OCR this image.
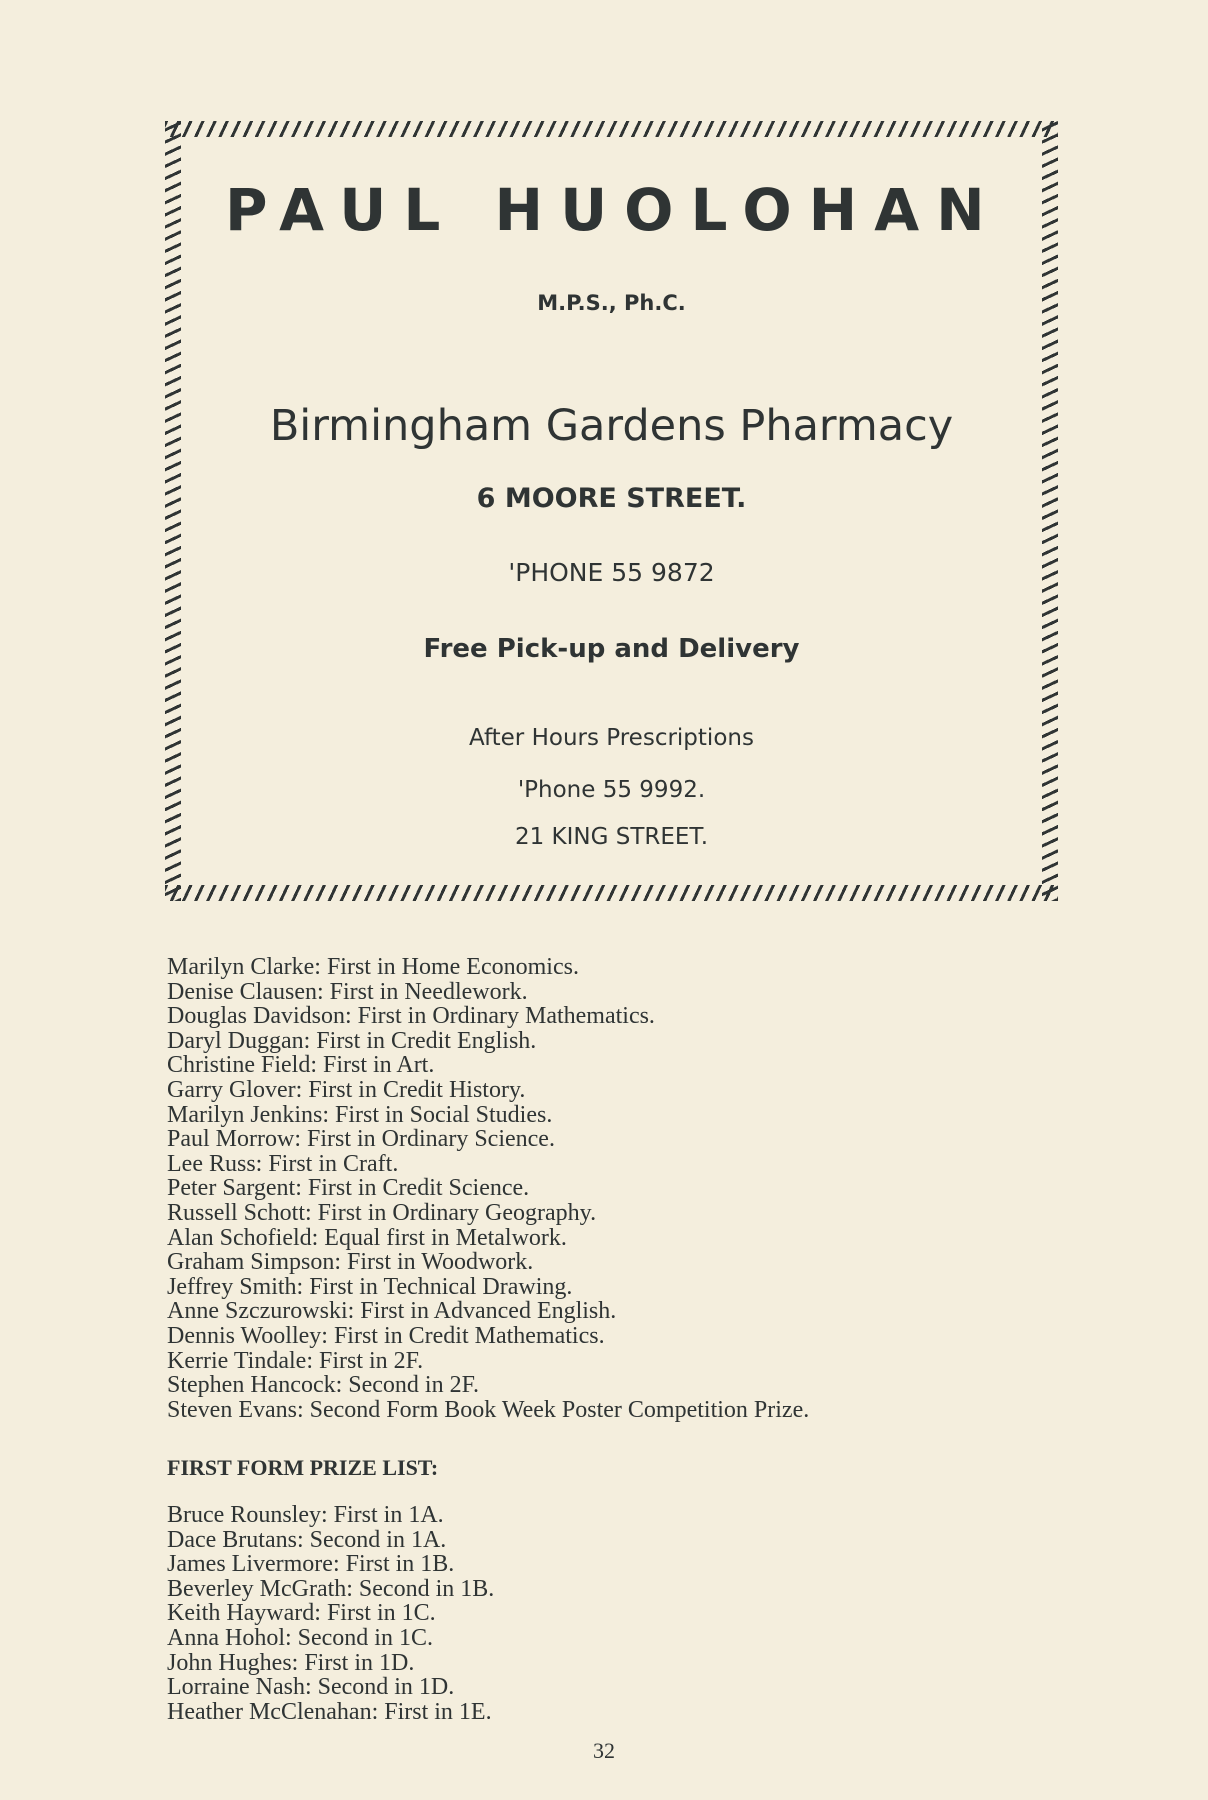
PAUL HUOLOHAN

M.P.S., Ph.C.

Birmingham Gardens Pharmacy

6 MOORE STREET.

'PHONE 55 9872

Free Pick-up and Delivery

After Hours Prescriptions

'Phone 55 9992.

21 KING STREET.

Marilyn Clarke: First in Home Economics.
Denise Clausen: First in Needlework.
Douglas Davidson: First in Ordinary Mathematics.
Daryl Duggan: First in Credit English.
Christine Field: First in Art.
Garry Glover: First in Credit History.
Marilyn Jenkins: First in Social Studies.
Paul Morrow: First in Ordinary Science.
Lee Russ: First in Craft.
Peter Sargent: First in Credit Science.
Russell Schott: First in Ordinary Geography.
Alan Schofield: Equal first in Metalwork.
Graham Simpson: First in Woodwork.
Jeffrey Smith: First in Technical Drawing.
Anne Szczurowski: First in Advanced English.
Dennis Woolley: First in Credit Mathematics.
Kerrie Tindale: First in 2F.
Stephen Hancock: Second in 2F.
Steven Evans: Second Form Book Week Poster Competition Prize.
FIRST FORM PRIZE LIST:
Bruce Rounsley: First in 1A.
Dace Brutans: Second in 1A.
James Livermore: First in 1B.
Beverley McGrath: Second in 1B.
Keith Hayward: First in 1C.
Anna Hohol: Second in 1C.
John Hughes: First in 1D.
Lorraine Nash: Second in 1D.
Heather McClenahan: First in 1E.

32
